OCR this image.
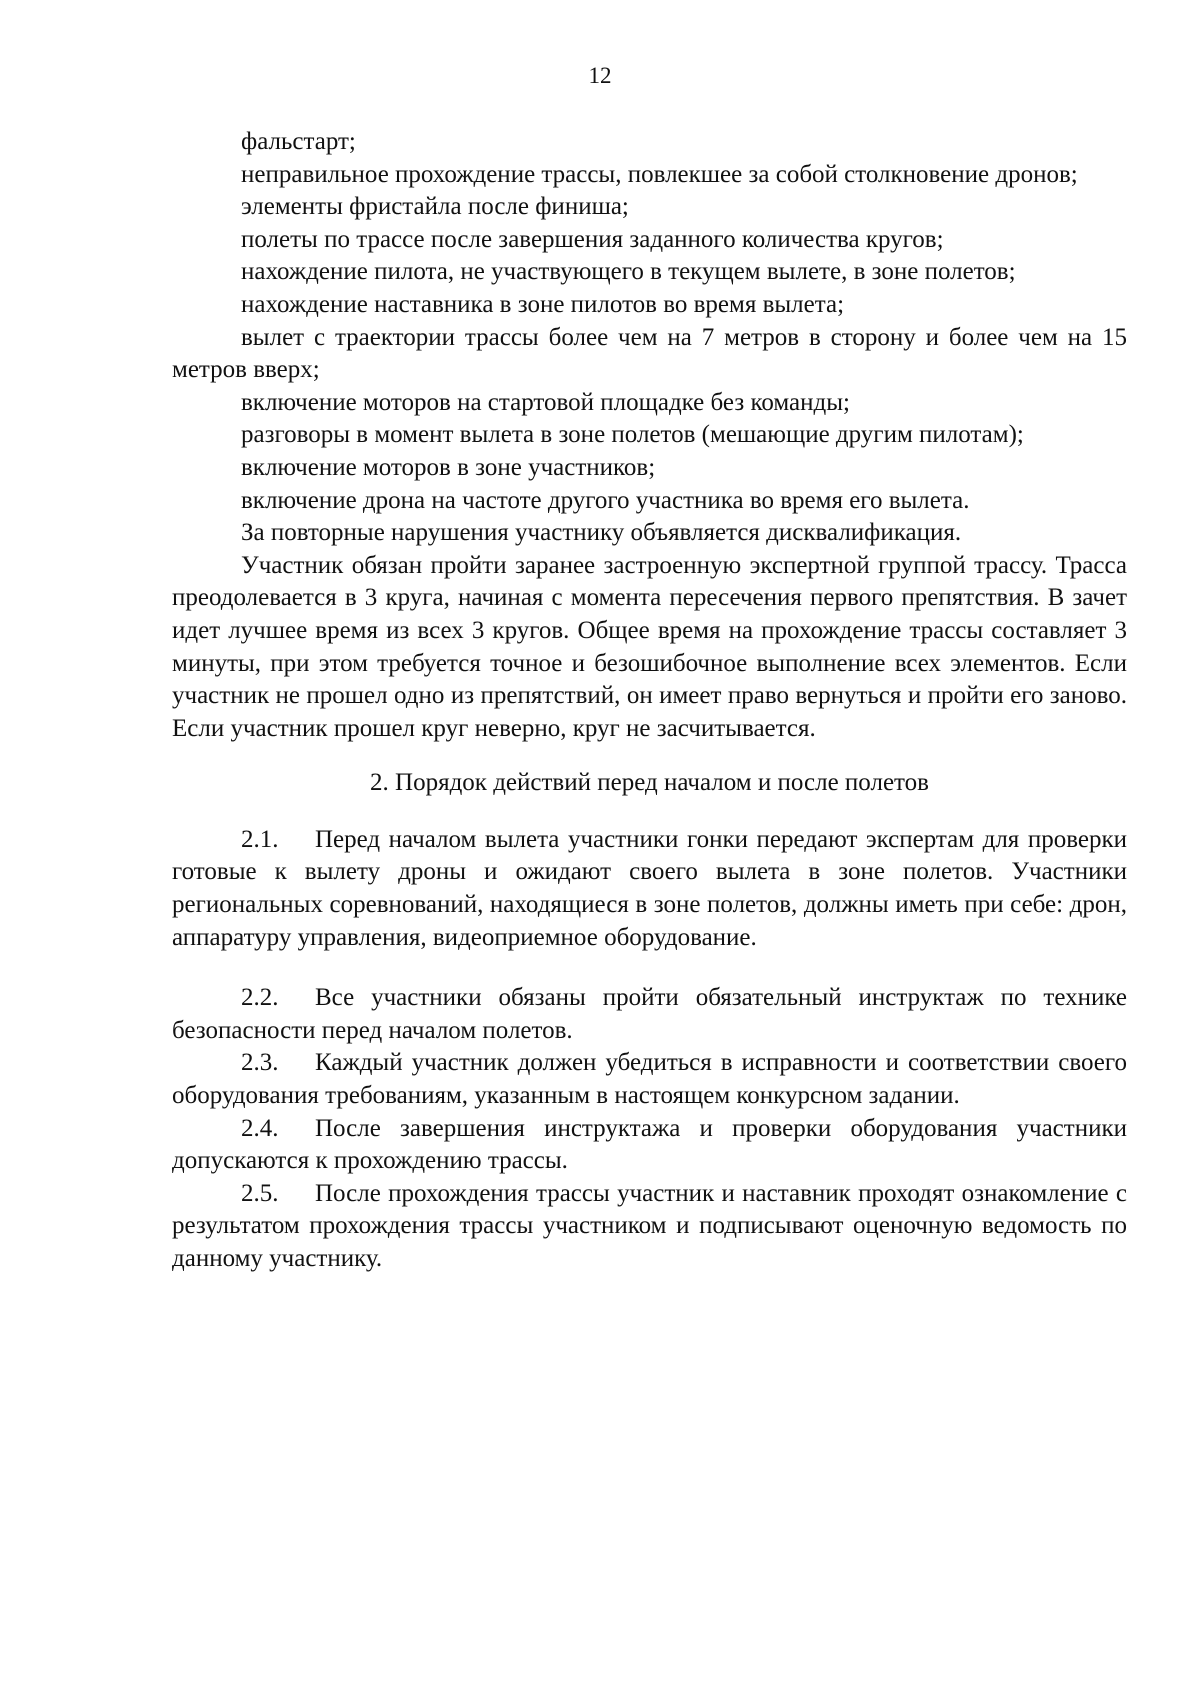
12

фальстарт;

неправильное прохождение трассы, повлекшее за собой столкновение дронов;

элементы фристайла после финиша;

полеты по трассе после завершения заданного количества кругов;

нахождение пилота, не участвующего в текущем вылете, в зоне полетов;

нахождение наставника в зоне пилотов во время вылета;

вылет с траектории трассы более чем на 7 метров в сторону и более чем на 15 метров вверх;

включение моторов на стартовой площадке без команды;

разговоры в момент вылета в зоне полетов (мешающие другим пилотам);

включение моторов в зоне участников;

включение дрона на частоте другого участника во время его вылета.

За повторные нарушения участнику объявляется дисквалификация.

Участник обязан пройти заранее застроенную экспертной группой трассу. Трасса преодолевается в 3 круга, начиная с момента пересечения первого препятствия. В зачет идет лучшее время из всех 3 кругов. Общее время на прохождение трассы составляет 3 минуты, при этом требуется точное и безошибочное выполнение всех элементов. Если участник не прошел одно из препятствий, он имеет право вернуться и пройти его заново. Если участник прошел круг неверно, круг не засчитывается.

2. Порядок действий перед началом и после полетов

2.1. Перед началом вылета участники гонки передают экспертам для проверки готовые к вылету дроны и ожидают своего вылета в зоне полетов. Участники региональных соревнований, находящиеся в зоне полетов, должны иметь при себе: дрон, аппаратуру управления, видеоприемное оборудование.

2.2. Все участники обязаны пройти обязательный инструктаж по технике безопасности перед началом полетов.

2.3. Каждый участник должен убедиться в исправности и соответствии своего оборудования требованиям, указанным в настоящем конкурсном задании.

2.4. После завершения инструктажа и проверки оборудования участники допускаются к прохождению трассы.

2.5. После прохождения трассы участник и наставник проходят ознакомление с результатом прохождения трассы участником и подписывают оценочную ведомость по данному участнику.
